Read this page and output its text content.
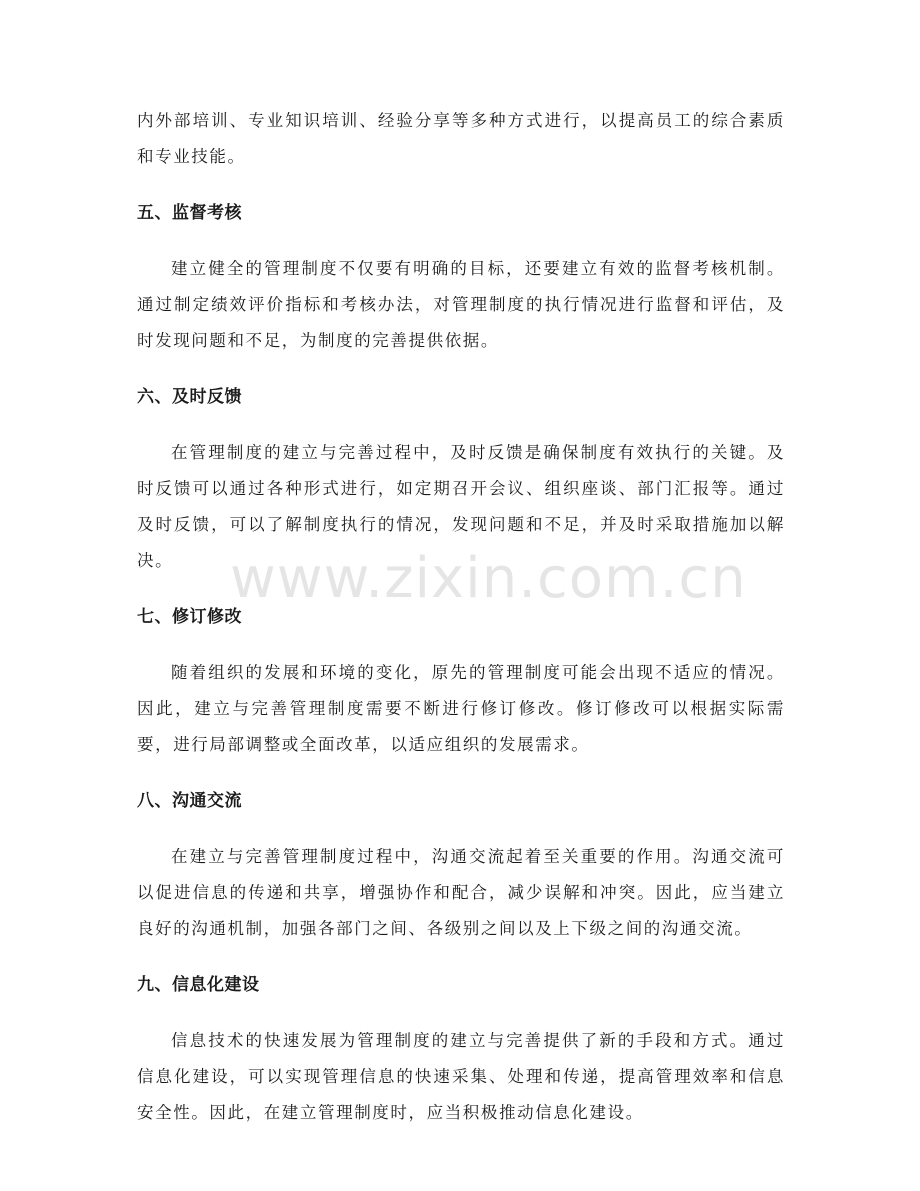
内外部培训、专业知识培训、经验分享等多种方式进行，以提高员工的综合素质和专业技能。

五、监督考核

建立健全的管理制度不仅要有明确的目标，还要建立有效的监督考核机制。通过制定绩效评价指标和考核办法，对管理制度的执行情况进行监督和评估，及时发现问题和不足，为制度的完善提供依据。

六、及时反馈

在管理制度的建立与完善过程中，及时反馈是确保制度有效执行的关键。及时反馈可以通过各种形式进行，如定期召开会议、组织座谈、部门汇报等。通过及时反馈，可以了解制度执行的情况，发现问题和不足，并及时采取措施加以解决。

七、修订修改

随着组织的发展和环境的变化，原先的管理制度可能会出现不适应的情况。因此，建立与完善管理制度需要不断进行修订修改。修订修改可以根据实际需要，进行局部调整或全面改革，以适应组织的发展需求。

八、沟通交流

在建立与完善管理制度过程中，沟通交流起着至关重要的作用。沟通交流可以促进信息的传递和共享，增强协作和配合，减少误解和冲突。因此，应当建立良好的沟通机制，加强各部门之间、各级别之间以及上下级之间的沟通交流。

九、信息化建设

信息技术的快速发展为管理制度的建立与完善提供了新的手段和方式。通过信息化建设，可以实现管理信息的快速采集、处理和传递，提高管理效率和信息安全性。因此，在建立管理制度时，应当积极推动信息化建设。

www.zixin.com.cn
